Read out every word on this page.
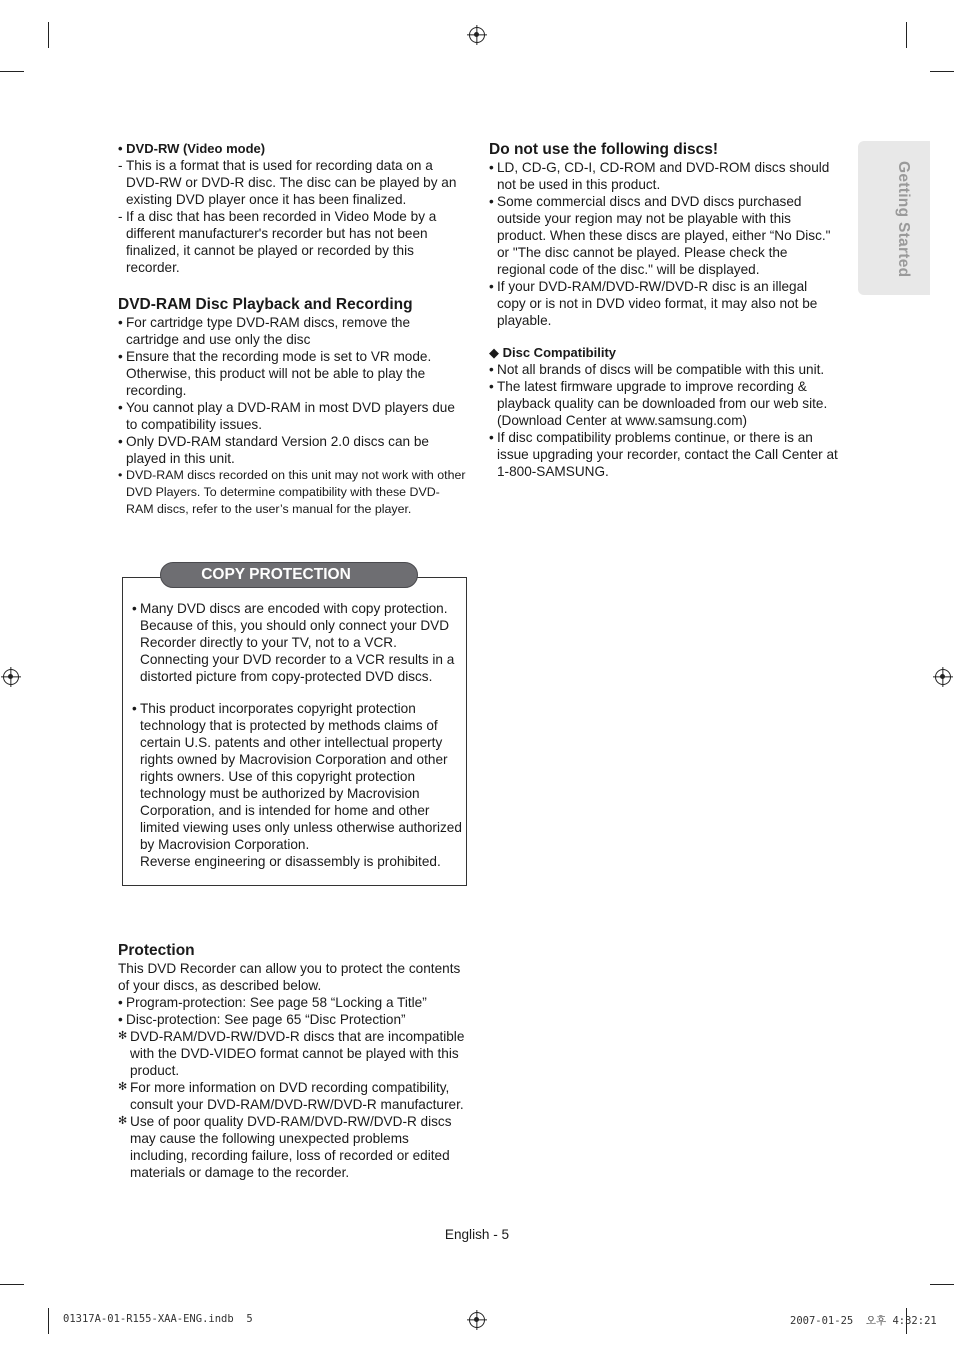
Getting Started
• DVD-RW (Video mode)
- This is a format that is used for recording data on a DVD-RW or DVD-R disc. The disc can be played by an existing DVD player once it has been finalized.
- If a disc that has been recorded in Video Mode by a different manufacturer's recorder but has not been finalized, it cannot be played or recorded by this recorder.
DVD-RAM Disc Playback and Recording
• For cartridge type DVD-RAM discs, remove the cartridge and use only the disc
• Ensure that the recording mode is set to VR mode. Otherwise, this product will not be able to play the recording.
• You cannot play a DVD-RAM in most DVD players due to compatibility issues.
• Only DVD-RAM standard Version 2.0 discs can be played in this unit.
• DVD-RAM discs recorded on this unit may not work with other DVD Players. To determine compatibility with these DVD-RAM discs, refer to the user’s manual for the player.
COPY PROTECTION
• Many DVD discs are encoded with copy protection. Because of this, you should only connect your DVD Recorder directly to your TV, not to a VCR. Connecting your DVD recorder to a VCR results in a distorted picture from copy-protected DVD discs.
• This product incorporates copyright protection technology that is protected by methods claims of certain U.S. patents and other intellectual property rights owned by Macrovision Corporation and other rights owners. Use of this copyright protection technology must be authorized by Macrovision Corporation, and is intended for home and other limited viewing uses only unless otherwise authorized by Macrovision Corporation.
Reverse engineering or disassembly is prohibited.
Protection
This DVD Recorder can allow you to protect the contents of your discs, as described below.
• Program-protection: See page 58 “Locking a Title”
• Disc-protection: See page 65 “Disc Protection”
✻ DVD-RAM/DVD-RW/DVD-R discs that are incompatible with the DVD-VIDEO format cannot be played with this product.
✻ For more information on DVD recording compatibility, consult your DVD-RAM/DVD-RW/DVD-R manufacturer.
✻ Use of poor quality DVD-RAM/DVD-RW/DVD-R discs may cause the following unexpected problems including, recording failure, loss of recorded or edited materials or damage to the recorder.
Do not use the following discs!
• LD, CD-G, CD-I, CD-ROM and DVD-ROM discs should not be used in this product.
• Some commercial discs and DVD discs purchased outside your region may not be playable with this product. When these discs are played, either “No Disc." or "The disc cannot be played. Please check the regional code of the disc." will be displayed.
• If your DVD-RAM/DVD-RW/DVD-R disc is an illegal copy or is not in DVD video format, it may also not be playable.
◆ Disc Compatibility
• Not all brands of discs will be compatible with this unit.
• The latest firmware upgrade to improve recording & playback quality can be downloaded from our web site. (Download Center at www.samsung.com)
• If disc compatibility problems continue, or there is an issue upgrading your recorder, contact the Call Center at 1-800-SAMSUNG.
English - 5
01317A-01-R155-XAA-ENG.indb  5	2007-01-25  오후 4:32:21
